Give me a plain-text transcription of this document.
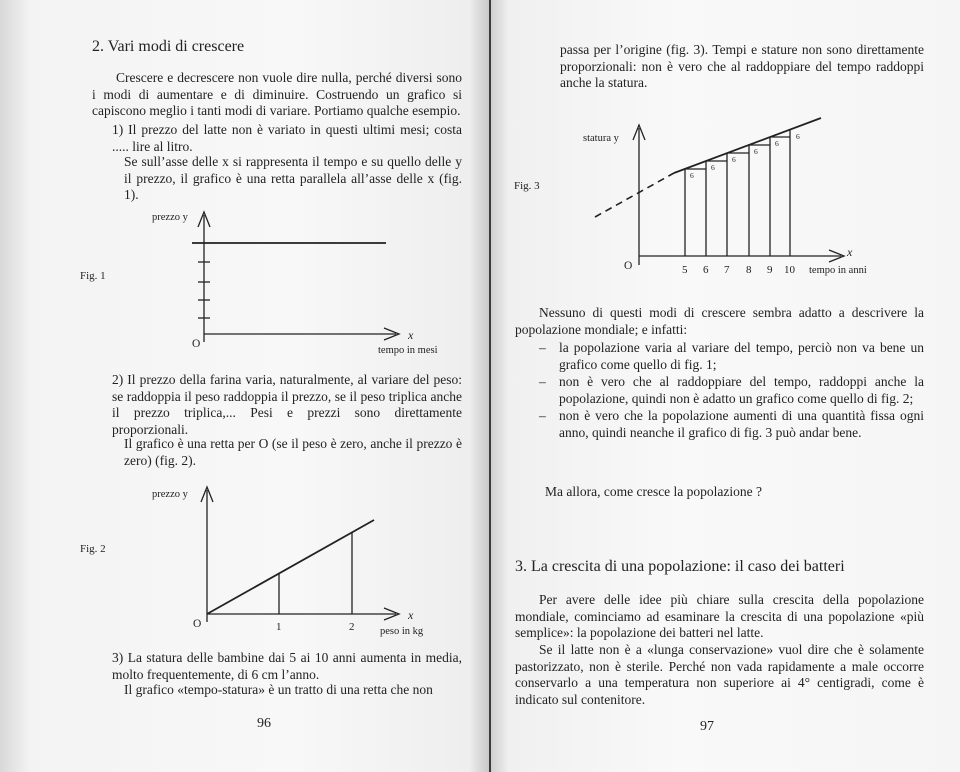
2. Vari modi di crescere

Crescere e decrescere non vuole dire nulla, perché diversi sono i modi di aumentare e di diminuire. Costruendo un grafico si capiscono meglio i tanti modi di variare. Portiamo qualche esempio.

1) Il prezzo del latte non è variato in questi ultimi mesi; costa ..... lire al litro.

Se sull’asse delle x si rappresenta il tempo e su quello delle y il prezzo, il grafico è una retta parallela all’asse delle x (fig. 1).

Fig. 1
prezzo y
O
x
tempo in mesi

2) Il prezzo della farina varia, naturalmente, al variare del peso: se raddoppia il peso raddoppia il prezzo, se il peso triplica anche il prezzo triplica,... Pesi e prezzi sono direttamente proporzionali.

Il grafico è una retta per O (se il peso è zero, anche il prezzo è zero) (fig. 2).

Fig. 2
prezzo y
O	1	2
x
peso in kg

3) La statura delle bambine dai 5 ai 10 anni aumenta in media, molto frequentemente, di 6 cm l’anno.

Il grafico «tempo-statura» è un tratto di una retta che non

96

passa per l’origine (fig. 3). Tempi e stature non sono direttamente proporzionali: non è vero che al raddoppiare del tempo raddoppi anche la statura.

Fig. 3
6
6
6
6
6
6
statura y
O	5 6 7 8 9 10
x
tempo in anni

Nessuno di questi modi di crescere sembra adatto a descrivere la popolazione mondiale; e infatti:

– la popolazione varia al variare del tempo, perciò non va bene un grafico come quello di fig. 1;
– non è vero che al raddoppiare del tempo, raddoppi anche la popolazione, quindi non è adatto un grafico come quello di fig. 2;
– non è vero che la popolazione aumenti di una quantità fissa ogni anno, quindi neanche il grafico di fig. 3 può andar bene.

Ma allora, come cresce la popolazione ?

3. La crescita di una popolazione: il caso dei batteri

Per avere delle idee più chiare sulla crescita della popolazione mondiale, cominciamo ad esaminare la crescita di una popolazione «più semplice»: la popolazione dei batteri nel latte.

Se il latte non è a «lunga conservazione» vuol dire che è solamente pastorizzato, non è sterile. Perché non vada rapidamente a male occorre conservarlo a una temperatura non superiore ai 4° centigradi, come è indicato sul contenitore.

97
